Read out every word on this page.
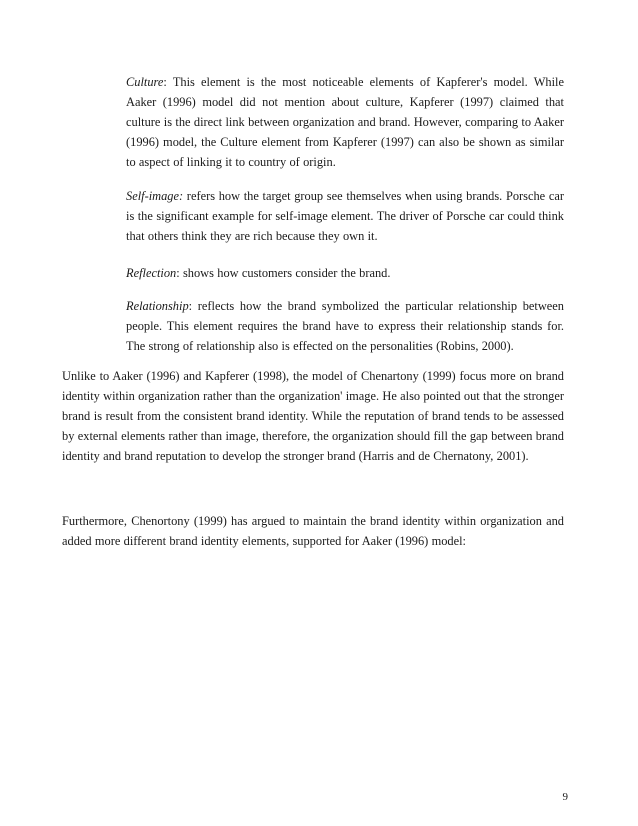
Culture: This element is the most noticeable elements of Kapferer's model. While Aaker (1996) model did not mention about culture, Kapferer (1997) claimed that culture is the direct link between organization and brand. However, comparing to Aaker (1996) model, the Culture element from Kapferer (1997) can also be shown as similar to aspect of linking it to country of origin.

Self-image: refers how the target group see themselves when using brands. Porsche car is the significant example for self-image element. The driver of Porsche car could think that others think they are rich because they own it.

Reflection: shows how customers consider the brand.

Relationship: reflects how the brand symbolized the particular relationship between people. This element requires the brand have to express their relationship stands for. The strong of relationship also is effected on the personalities (Robins, 2000).

Unlike to Aaker (1996) and Kapferer (1998), the model of Chenartony (1999) focus more on brand identity within organization rather than the organization' image. He also pointed out that the stronger brand is result from the consistent brand identity. While the reputation of brand tends to be assessed by external elements rather than image, therefore, the organization should fill the gap between brand identity and brand reputation to develop the stronger brand (Harris and de Chernatony, 2001).

Furthermore, Chenortony (1999) has argued to maintain the brand identity within organization and added more different brand identity elements, supported for Aaker (1996) model:

9
